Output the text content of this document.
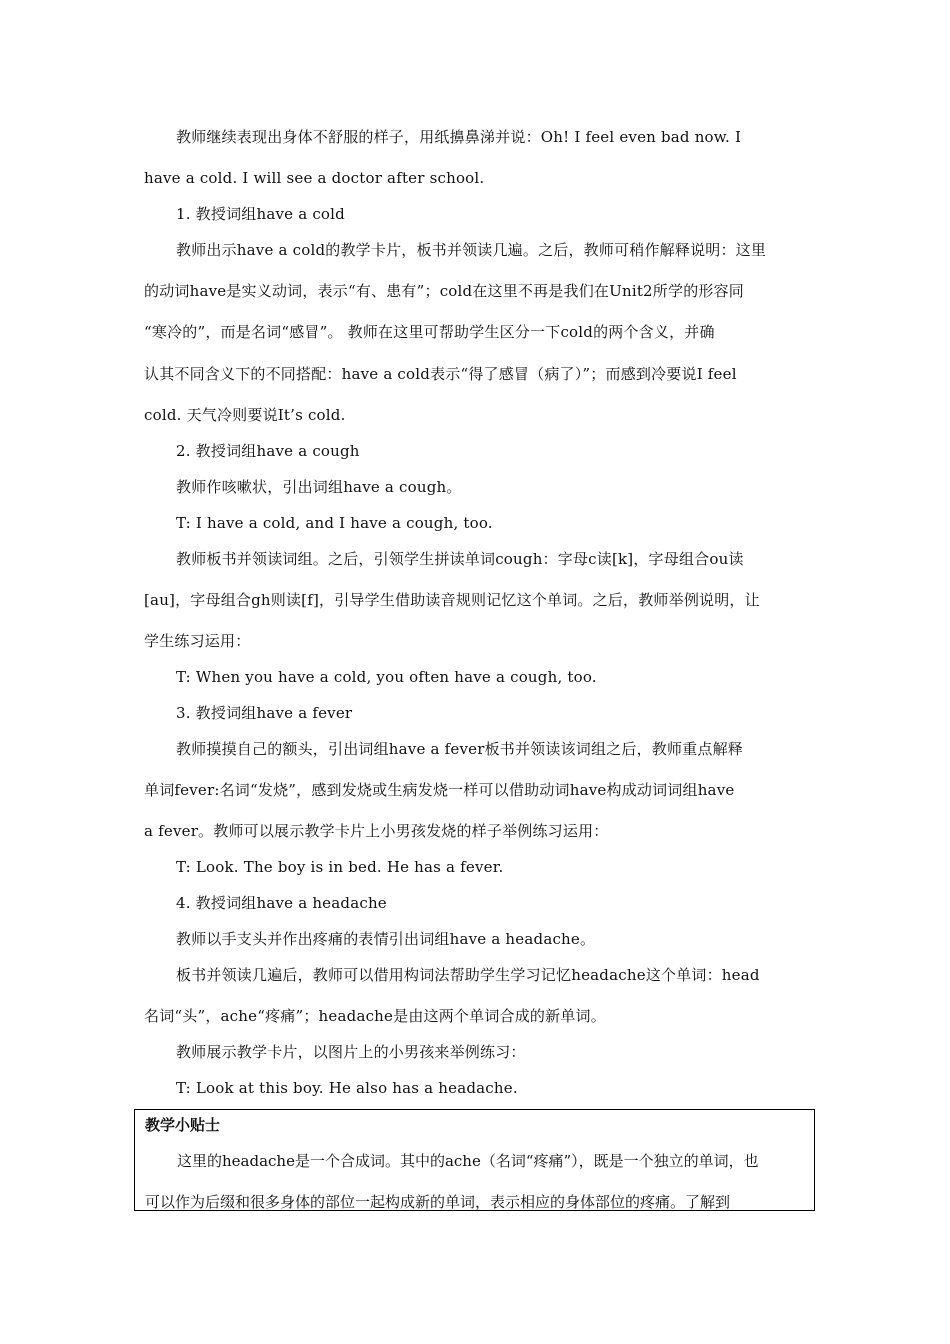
教师继续表现出身体不舒服的样子，用纸擤鼻涕并说：Oh! I feel even bad now. I
have a cold. I will see a doctor after school.
1. 教授词组have a cold
教师出示have a cold的教学卡片，板书并领读几遍。之后，教师可稍作解释说明：这里
的动词have是实义动词，表示“有、患有”；cold在这里不再是我们在Unit2所学的形容同
“寒冷的”，而是名词“感冒”。 教师在这里可帮助学生区分一下cold的两个含义，并确
认其不同含义下的不同搭配：have a cold表示“得了感冒（病了）”；而感到冷要说I feel
cold. 天气冷则要说It’s cold.
2. 教授词组have a cough
教师作咳嗽状，引出词组have a cough。
T: I have a cold, and I have a cough, too.
教师板书并领读词组。之后，引领学生拼读单词cough：字母c读[k]，字母组合ou读
[au]，字母组合gh则读[f]，引导学生借助读音规则记忆这个单词。之后，教师举例说明，让
学生练习运用：
T: When you have a cold, you often have a cough, too.
3. 教授词组have a fever
教师摸摸自己的额头，引出词组have a fever板书并领读该词组之后，教师重点解释
单词fever:名词“发烧”，感到发烧或生病发烧一样可以借助动词have构成动词词组have
a fever。教师可以展示教学卡片上小男孩发烧的样子举例练习运用：
T: Look. The boy is in bed. He has a fever.
4. 教授词组have a headache
教师以手支头并作出疼痛的表情引出词组have a headache。
板书并领读几遍后，教师可以借用构词法帮助学生学习记忆headache这个单词：head
名词“头”，ache“疼痛”；headache是由这两个单词合成的新单词。
教师展示教学卡片，以图片上的小男孩来举例练习：
T: Look at this boy. He also has a headache.
教学小贴士
这里的headache是一个合成词。其中的ache（名词“疼痛”），既是一个独立的单词，也
可以作为后缀和很多身体的部位一起构成新的单词，表示相应的身体部位的疼痛。了解到
